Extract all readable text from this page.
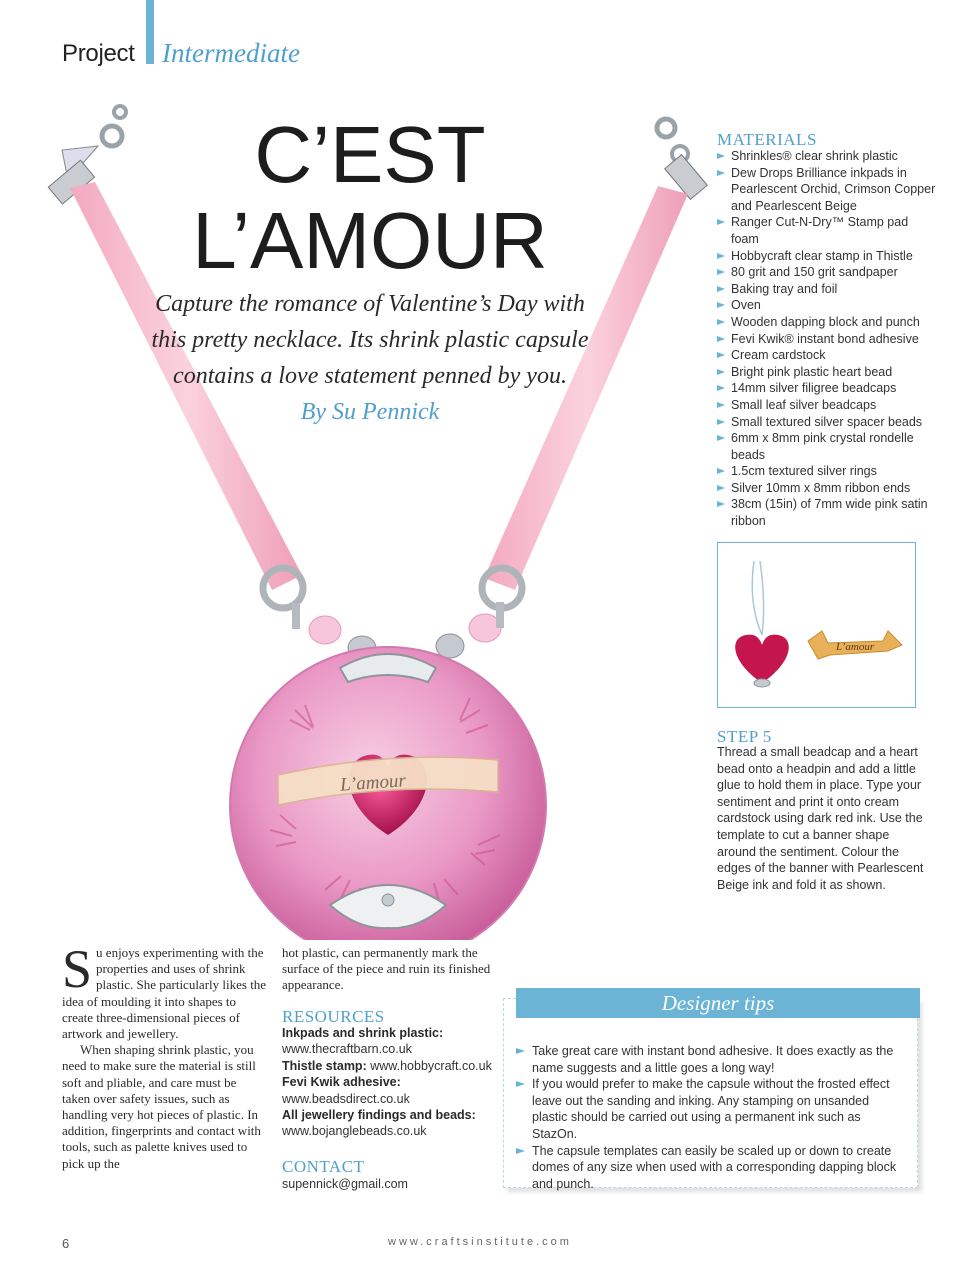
Project Intermediate
L’amour
C’EST
L’AMOUR
Capture the romance of Valentine’s Day with this pretty necklace. Its shrink plastic capsule contains a love statement penned by you.
By Su Pennick
MATERIALS
Shrinkles® clear shrink plastic
Dew Drops Brilliance inkpads in Pearlescent Orchid, Crimson Copper and Pearlescent Beige
Ranger Cut-N-Dry™ Stamp pad foam
Hobbycraft clear stamp in Thistle
80 grit and 150 grit sandpaper
Baking tray and foil
Oven
Wooden dapping block and punch
Fevi Kwik® instant bond adhesive
Cream cardstock
Bright pink plastic heart bead
14mm silver filigree beadcaps
Small leaf silver beadcaps
Small textured silver spacer beads
6mm x 8mm pink crystal rondelle beads
1.5cm textured silver rings
Silver 10mm x 8mm ribbon ends
38cm (15in) of 7mm wide pink satin ribbon
L’amour
STEP 5
Thread a small beadcap and a heart bead onto a headpin and add a little glue to hold them in place. Type your sentiment and print it onto cream cardstock using dark red ink. Use the template to cut a banner shape around the sentiment. Colour the edges of the banner with Pearlescent Beige ink and fold it as shown.

Su enjoys experimenting with the properties and uses of shrink plastic. She particularly likes the idea of moulding it into shapes to create three-dimensional pieces of artwork and jewellery.

When shaping shrink plastic, you need to make sure the material is still soft and pliable, and care must be taken over safety issues, such as handling very hot pieces of plastic. In addition, fingerprints and contact with tools, such as palette knives used to pick up the

hot plastic, can permanently mark the surface of the piece and ruin its finished appearance.
RESOURCES
Inkpads and shrink plastic:
www.thecraftbarn.co.uk
Thistle stamp: www.hobbycraft.co.uk
Fevi Kwik adhesive:
www.beadsdirect.co.uk
All jewellery findings and beads:
www.bojanglebeads.co.uk
CONTACT
supennick@gmail.com
Designer tips
Take great care with instant bond adhesive. It does exactly as the name suggests and a little goes a long way!
If you would prefer to make the capsule without the frosted effect leave out the sanding and inking. Any stamping on unsanded plastic should be carried out using a permanent ink such as StazOn.
The capsule templates can easily be scaled up or down to create domes of any size when used with a corresponding dapping block and punch.
6	www.craftsinstitute.com
